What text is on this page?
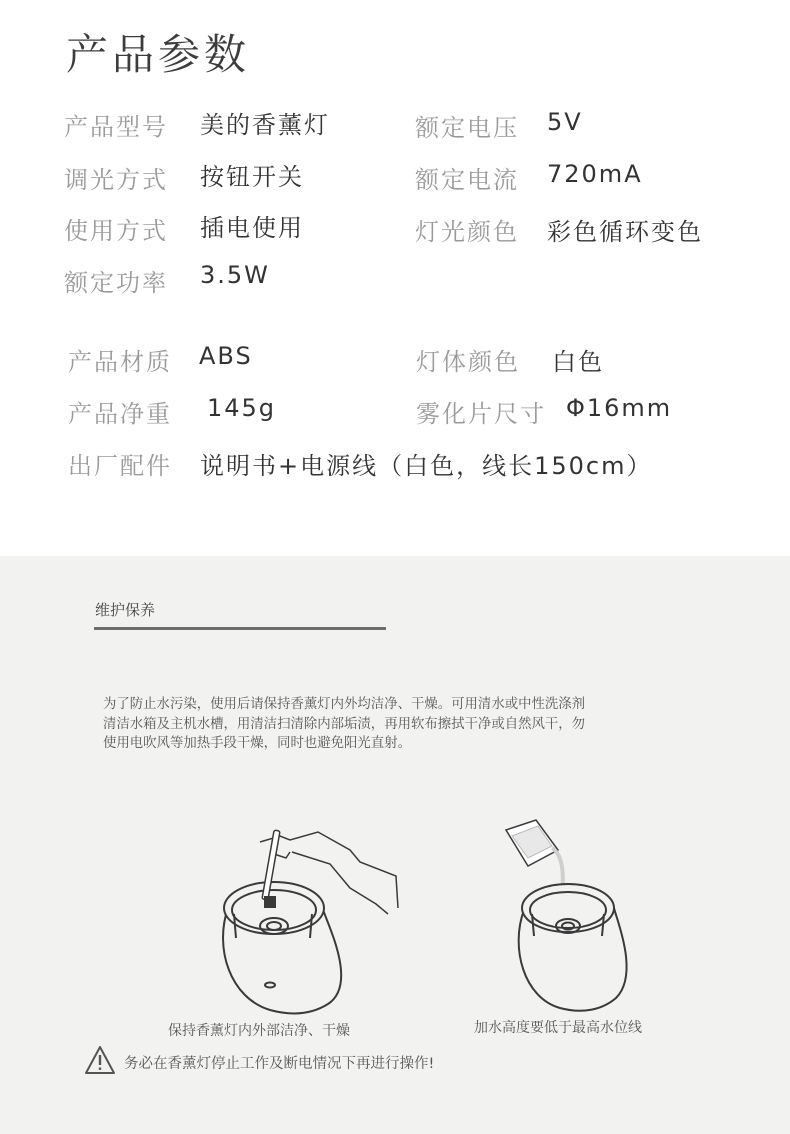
产品参数
产品型号 美的香薰灯	额定电压 5V
调光方式 按钮开关	额定电流 720mA
使用方式 插电使用	灯光颜色 彩色循环变色
额定功率 3.5W
产品材质 ABS	灯体颜色 白色
产品净重 145g	雾化片尺寸 Φ16mm
出厂配件 说明书+电源线（白色，线长150cm）
维护保养
为了防止水污染，使用后请保持香薰灯内外均洁净、干燥。可用清水或中性洗涤剂
清洁水箱及主机水槽，用清洁扫清除内部垢渍，再用软布擦拭干净或自然风干，勿
使用电吹风等加热手段干燥，同时也避免阳光直射。
保持香薰灯内外部洁净、干燥	加水高度要低于最高水位线
务必在香薰灯停止工作及断电情况下再进行操作!
